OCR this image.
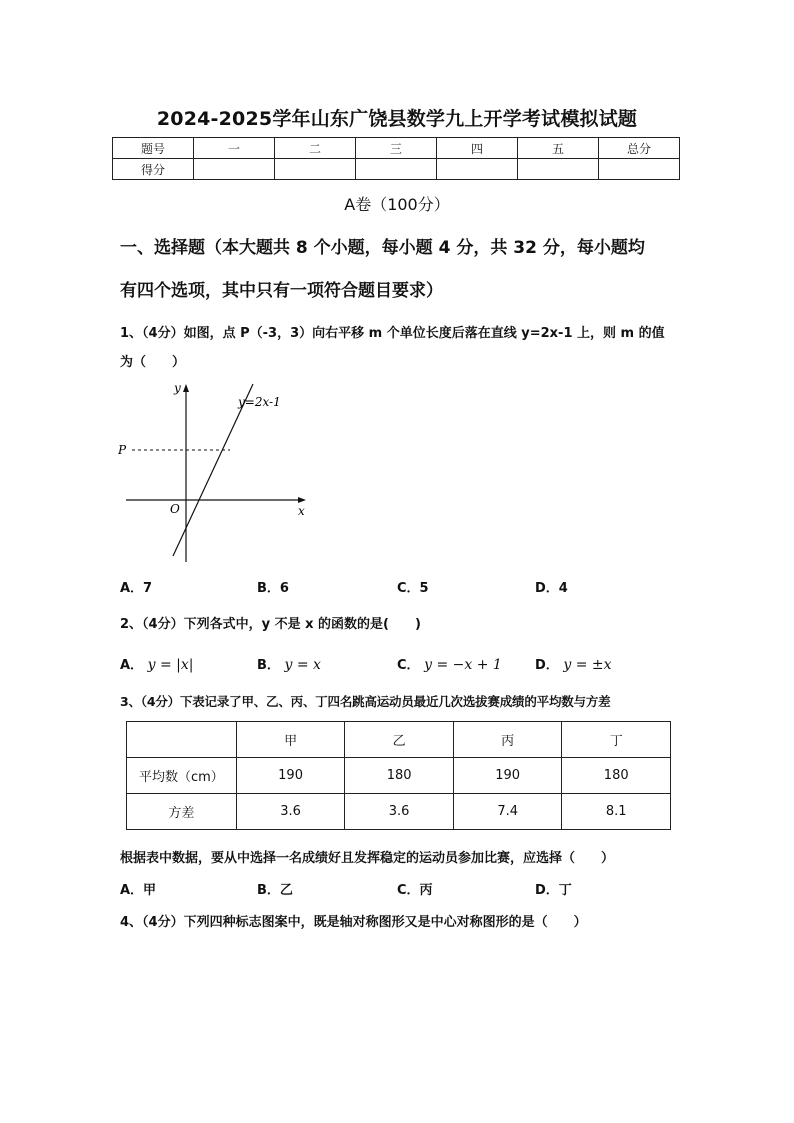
2024-2025学年山东广饶县数学九上开学考试模拟试题
题号	一	二	三	四	五	总分
得分						
A卷（100分）
一、选择题（本大题共 8 个小题，每小题 4 分，共 32 分，每小题均
有四个选项，其中只有一项符合题目要求）
1、（4分）如图，点 P（-3，3）向右平移 m 个单位长度后落在直线 y=2x-1 上，则 m 的值
为（　　）
P
y
x
O
y=2x-1
A．7	B．6	C．5	D．4
2、（4分）下列各式中，y 不是 x 的函数的是(　　)
A． y = |x|	B． y = x	C． y = −x + 1	D． y = ±x
3、（4分）下表记录了甲、乙、丙、丁四名跳高运动员最近几次选拔赛成绩的平均数与方差
	甲	乙	丙	丁
平均数（cm）	190	180	190	180
方差	3.6	3.6	7.4	8.1
根据表中数据，要从中选择一名成绩好且发挥稳定的运动员参加比赛，应选择（　　）
A．甲	B．乙	C．丙	D．丁
4、（4分）下列四种标志图案中，既是轴对称图形又是中心对称图形的是（　　）
